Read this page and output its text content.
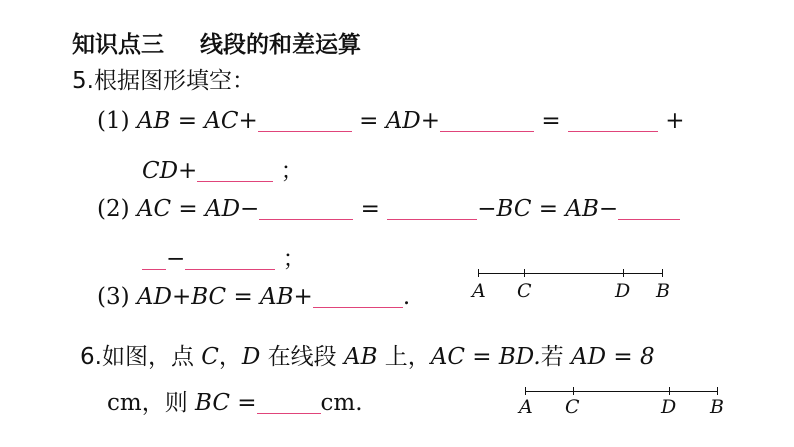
知识点三 线段的和差运算
5.根据图形填空：
(1) AB = AC+	= AD+	=	+
CD+	；
(2) AC = AD−	=	−BC = AB−
−	；
(3) AD+BC = AB+	.	A C	D B
6.如图，点 C，D 在线段 AB 上，AC = BD.若 AD = 8
cm，则 BC =	cm.	A C	D B
